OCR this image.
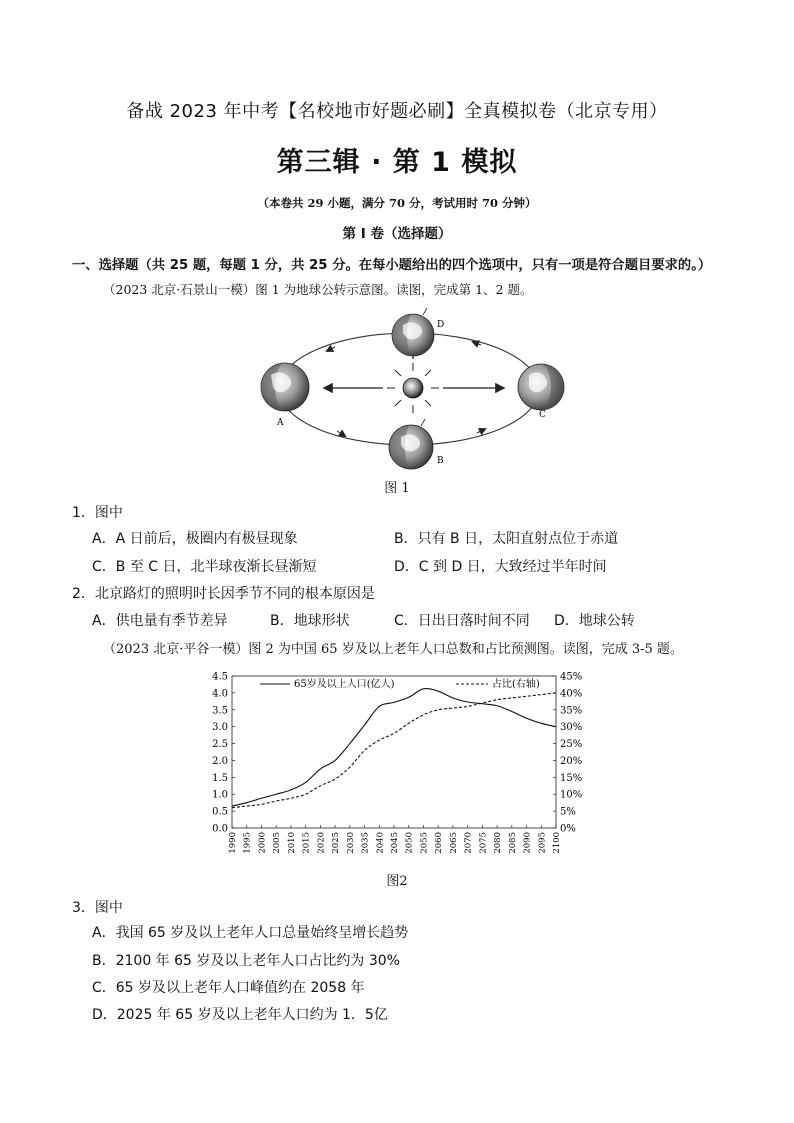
备战 2023 年中考【名校地市好题必刷】全真模拟卷（北京专用）
第三辑 · 第 1 模拟
（本卷共 29 小题，满分 70 分，考试用时 70 分钟）
第 I 卷（选择题）
一、选择题（共 25 题，每题 1 分，共 25 分。在每小题给出的四个选项中，只有一项是符合题目要求的。）
（2023 北京·石景山一模）图 1 为地球公转示意图。读图，完成第 1、2 题。
A
B
C
D
图 1
1．图中
A．A 日前后，极圈内有极昼现象	B．只有 B 日，太阳直射点位于赤道
C．B 至 C 日，北半球夜渐长昼渐短	D．C 到 D 日，大致经过半年时间
2．北京路灯的照明时长因季节不同的根本原因是
A．供电量有季节差异	B．地球形状	C．日出日落时间不同 D．地球公转
（2023 北京·平谷一模）图 2 为中国 65 岁及以上老年人口总数和占比预测图。读图，完成 3-5 题。
0.0
0.5
1.0
1.5
2.0
2.5
3.0
3.5
4.0
4.5
0%
5%
10%
15%
20%
25%
30%
35%
40%
45%
1990 1995 2000 2005 2010 2015 2020 2025 2030 2035 2040 2045 2050 2055 2060 2065 2070 2075 2080 2085 2090 2095 2100
65岁及以上人口(亿人)	占比(右轴)
图2
3．图中
A．我国 65 岁及以上老年人口总量始终呈增长趋势
B．2100 年 65 岁及以上老年人口占比约为 30%
C．65 岁及以上老年人口峰值约在 2058 年
D．2025 年 65 岁及以上老年人口约为 1．5亿
